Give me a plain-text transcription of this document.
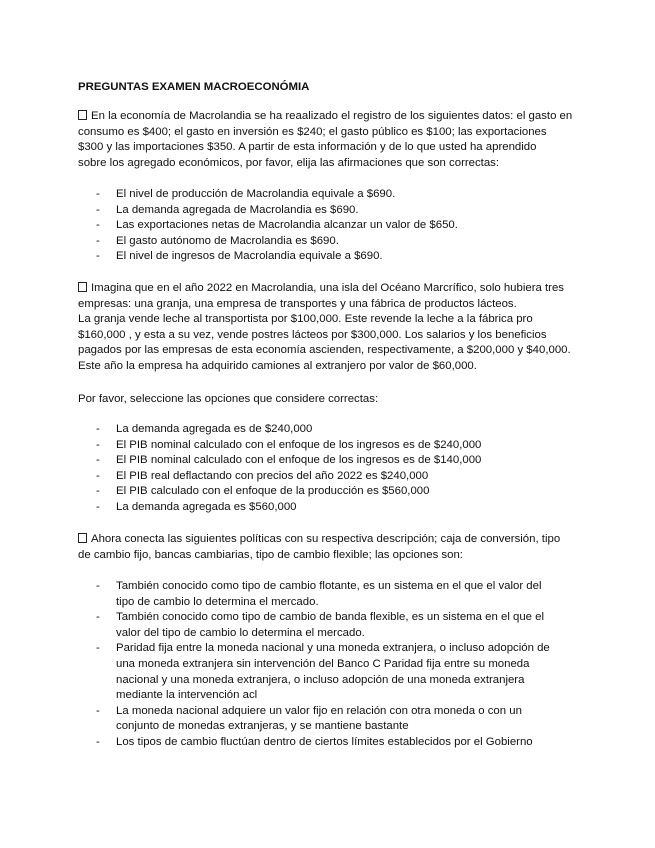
PREGUNTAS EXAMEN MACROECONÓMIA
En la economía de Macrolandia se ha reaalizado el registro de los siguientes datos: el gasto en
consumo es $400; el gasto en inversión es $240; el gasto público es $100; las exportaciones
$300 y las importaciones $350. A partir de esta información y de lo que usted ha aprendido
sobre los agregado económicos, por favor, elija las afirmaciones que son correctas:
- El nivel de producción de Macrolandia equivale a $690.
- La demanda agregada de Macrolandia es $690.
- Las exportaciones netas de Macrolandia alcanzar un valor de $650.
- El gasto autónomo de Macrolandia es $690.
- El nivel de ingresos de Macrolandia equivale a $690.
Imagina que en el año 2022 en Macrolandia, una isla del Océano Marcrífico, solo hubiera tres
empresas: una granja, una empresa de transportes y una fábrica de productos lácteos.
La granja vende leche al transportista por $100,000. Este revende la leche a la fábrica pro
$160,000 , y esta a su vez, vende postres lácteos por $300,000. Los salarios y los beneficios
pagados por las empresas de esta economía ascienden, respectivamente, a $200,000 y $40,000.
Este año la empresa ha adquirido camiones al extranjero por valor de $60,000.
Por favor, seleccione las opciones que considere correctas:
- La demanda agregada es de $240,000
- El PIB nominal calculado con el enfoque de los ingresos es de $240,000
- El PIB nominal calculado con el enfoque de los ingresos es de $140,000
- El PIB real deflactando con precios del año 2022 es $240,000
- El PIB calculado con el enfoque de la producción es $560,000
- La demanda agregada es $560,000
Ahora conecta las siguientes políticas con su respectiva descripción; caja de conversión, tipo
de cambio fijo, bancas cambiarias, tipo de cambio flexible; las opciones son:
- También conocido como tipo de cambio flotante, es un sistema en el que el valor del
tipo de cambio lo determina el mercado.
- También conocido como tipo de cambio de banda flexible, es un sistema en el que el
valor del tipo de cambio lo determina el mercado.
- Paridad fija entre la moneda nacional y una moneda extranjera, o incluso adopción de
una moneda extranjera sin intervención del Banco C Paridad fija entre su moneda
nacional y una moneda extranjera, o incluso adopción de una moneda extranjera
mediante la intervención acl
- La moneda nacional adquiere un valor fijo en relación con otra moneda o con un
conjunto de monedas extranjeras, y se mantiene bastante
- Los tipos de cambio fluctúan dentro de ciertos límites establecidos por el Gobierno
